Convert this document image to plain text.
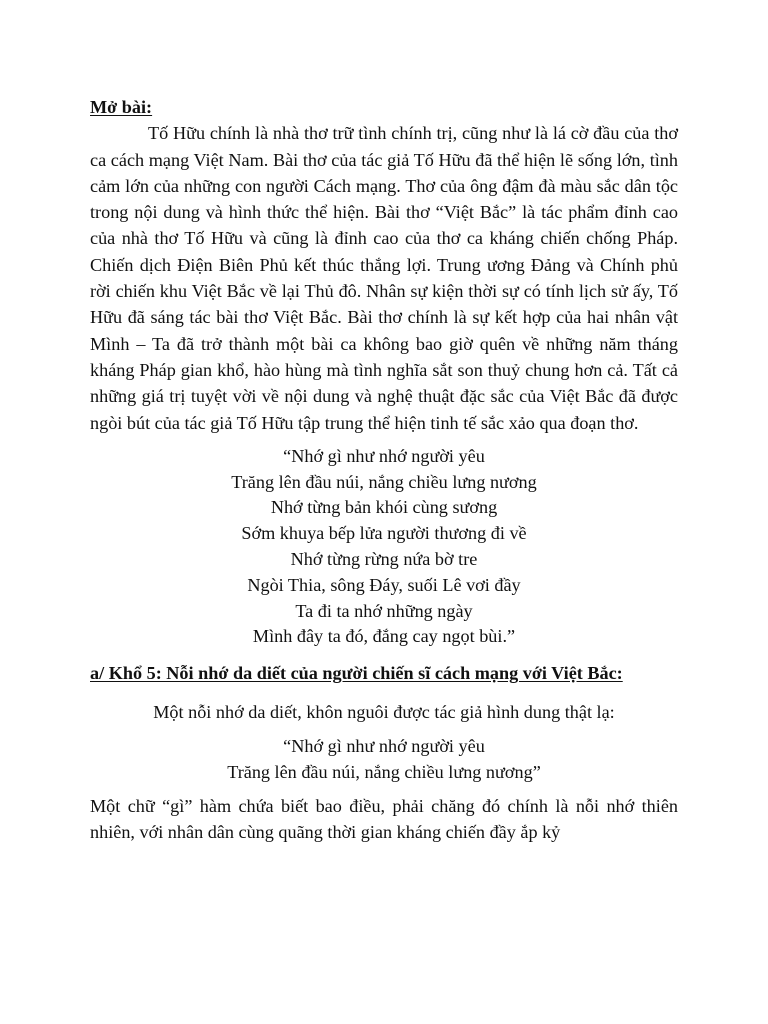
Mở bài:

Tố Hữu chính là nhà thơ trữ tình chính trị, cũng như là lá cờ đầu của thơ ca cách mạng Việt Nam. Bài thơ của tác giả Tố Hữu đã thể hiện lẽ sống lớn, tình cảm lớn của những con người Cách mạng. Thơ của ông đậm đà màu sắc dân tộc trong nội dung và hình thức thể hiện. Bài thơ “Việt Bắc” là tác phẩm đỉnh cao của nhà thơ Tố Hữu và cũng là đỉnh cao của thơ ca kháng chiến chống Pháp. Chiến dịch Điện Biên Phủ kết thúc thắng lợi. Trung ương Đảng và Chính phủ rời chiến khu Việt Bắc về lại Thủ đô. Nhân sự kiện thời sự có tính lịch sử ấy, Tố Hữu đã sáng tác bài thơ Việt Bắc. Bài thơ chính là sự kết hợp của hai nhân vật Mình – Ta đã trở thành một bài ca không bao giờ quên về những năm tháng kháng Pháp gian khổ, hào hùng mà tình nghĩa sắt son thuỷ chung hơn cả. Tất cả những giá trị tuyệt vời về nội dung và nghệ thuật đặc sắc của Việt Bắc đã được ngòi bút của tác giả Tố Hữu tập trung thể hiện tinh tế sắc xảo qua đoạn thơ.

“Nhớ gì như nhớ người yêu
Trăng lên đầu núi, nắng chiều lưng nương
Nhớ từng bản khói cùng sương
Sớm khuya bếp lửa người thương đi về
Nhớ từng rừng nứa bờ tre
Ngòi Thia, sông Đáy, suối Lê vơi đầy
Ta đi ta nhớ những ngày
Mình đây ta đó, đắng cay ngọt bùi.”

a/ Khổ 5: Nỗi nhớ da diết của người chiến sĩ cách mạng với Việt Bắc:

Một nỗi nhớ da diết, khôn nguôi được tác giả hình dung thật lạ:

“Nhớ gì như nhớ người yêu
Trăng lên đầu núi, nắng chiều lưng nương”

Một chữ “gì” hàm chứa biết bao điều, phải chăng đó chính là nỗi nhớ thiên nhiên, với nhân dân cùng quãng thời gian kháng chiến đầy ắp kỷ
